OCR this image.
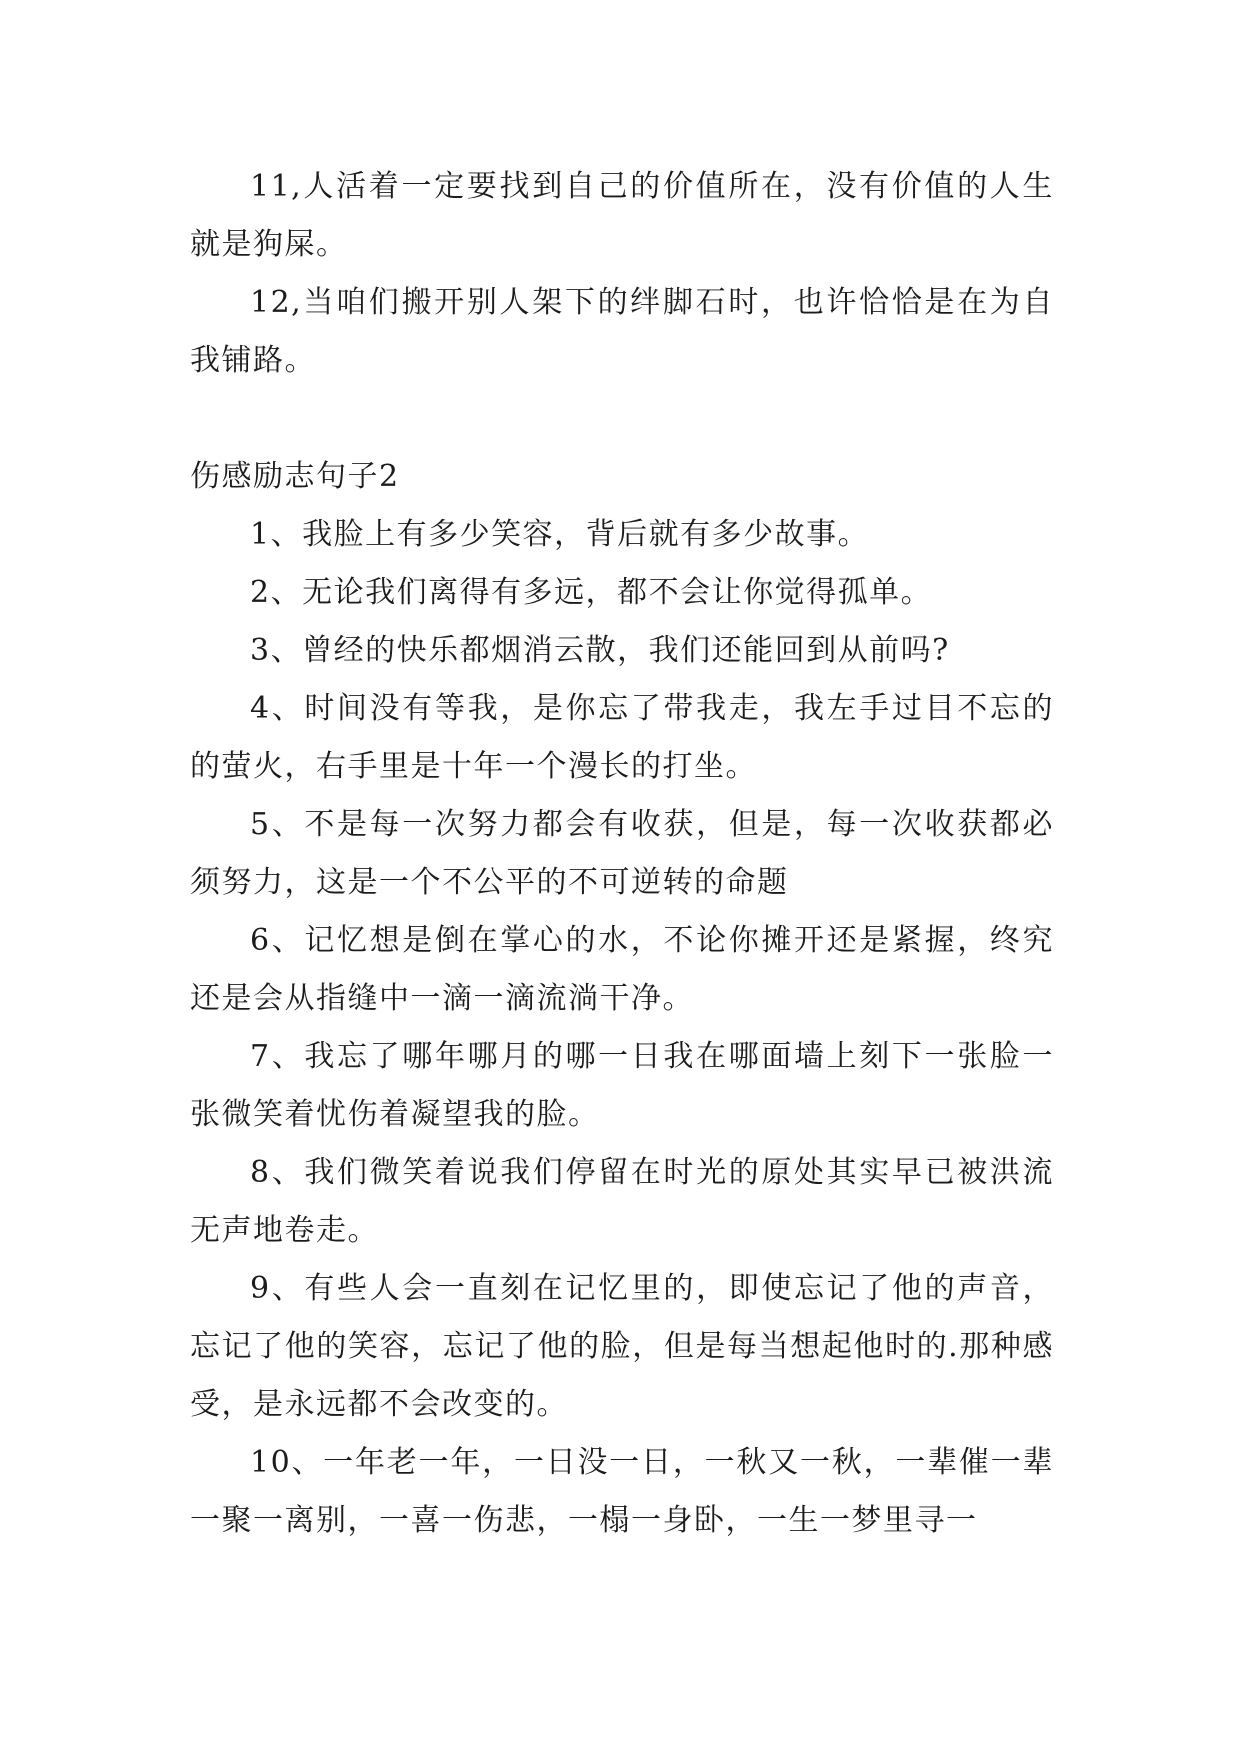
11,人活着一定要找到自己的价值所在，没有价值的人生就是狗屎。

12,当咱们搬开别人架下的绊脚石时，也许恰恰是在为自我铺路。

伤感励志句子2

1、我脸上有多少笑容，背后就有多少故事。

2、无论我们离得有多远，都不会让你觉得孤单。

3、曾经的快乐都烟消云散，我们还能回到从前吗?

4、时间没有等我，是你忘了带我走，我左手过目不忘的的萤火，右手里是十年一个漫长的打坐。

5、不是每一次努力都会有收获，但是，每一次收获都必须努力，这是一个不公平的不可逆转的命题

6、记忆想是倒在掌心的水，不论你摊开还是紧握，终究还是会从指缝中一滴一滴流淌干净。

7、我忘了哪年哪月的哪一日我在哪面墙上刻下一张脸一张微笑着忧伤着凝望我的脸。

8、我们微笑着说我们停留在时光的原处其实早已被洪流无声地卷走。

9、有些人会一直刻在记忆里的，即使忘记了他的声音，忘记了他的笑容，忘记了他的脸，但是每当想起他时的.那种感受，是永远都不会改变的。

10、一年老一年，一日没一日，一秋又一秋，一辈催一辈一聚一离别，一喜一伤悲，一榻一身卧，一生一梦里寻一
